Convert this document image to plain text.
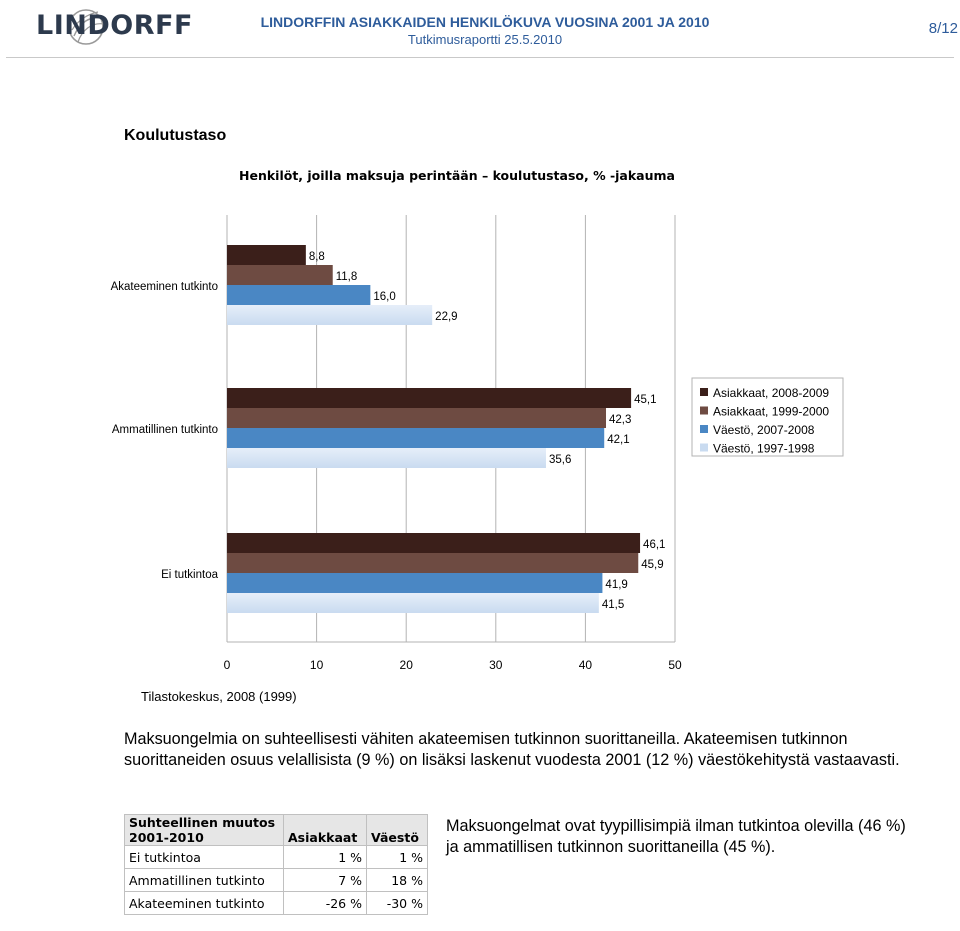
LINDORFF	LINDORFFIN ASIAKKAIDEN HENKILÖKUVA VUOSINA 2001 JA 2010
Tutkimusraportti 25.5.2010
8/12
Koulutustaso
Henkilöt, joilla maksuja perintään – koulutustaso, % -jakauma
Akateeminen tutkinto
8,8
11,8
16,0
22,9
Ammatillinen tutkinto
45,1
42,3
42,1
35,6
Ei tutkintoa
46,1
45,9
41,9
41,5
0	10	20	30	40	50
Asiakkaat, 2008-2009
Asiakkaat, 1999-2000
Väestö, 2007-2008
Väestö, 1997-1998
Tilastokeskus, 2008 (1999)
Maksuongelmia on suhteellisesti vähiten akateemisen tutkinnon suorittaneilla. Akateemisen tutkinnon suorittaneiden osuus velallisista (9 %) on lisäksi laskenut vuodesta 2001 (12 %) väestökehitystä vastaavasti.
Suhteellinen muutos 2001-2010	Asiakkaat	Väestö
Ei tutkintoa	1 %	1 %
Ammatillinen tutkinto	7 %	18 %
Akateeminen tutkinto	-26 %	-30 %
Maksuongelmat ovat tyypillisimpiä ilman tutkintoa olevilla (46 %) ja ammatillisen tutkinnon suorittaneilla (45 %).
